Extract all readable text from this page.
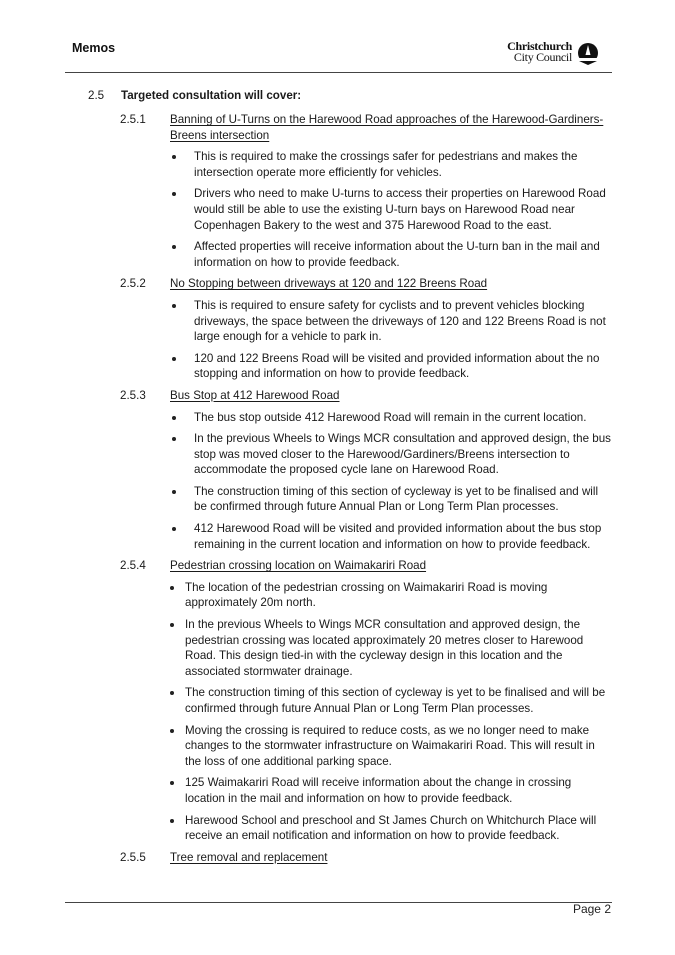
Memos	Christchurch
City Council
2.5 Targeted consultation will cover:
2.5.1 Banning of U-Turns on the Harewood Road approaches of the Harewood-Gardiners-Breens intersection
This is required to make the crossings safer for pedestrians and makes the intersection operate more efficiently for vehicles.
Drivers who need to make U-turns to access their properties on Harewood Road would still be able to use the existing U-turn bays on Harewood Road near Copenhagen Bakery to the west and 375 Harewood Road to the east.
Affected properties will receive information about the U-turn ban in the mail and information on how to provide feedback.
2.5.2 No Stopping between driveways at 120 and 122 Breens Road
This is required to ensure safety for cyclists and to prevent vehicles blocking driveways, the space between the driveways of 120 and 122 Breens Road is not large enough for a vehicle to park in.
120 and 122 Breens Road will be visited and provided information about the no stopping and information on how to provide feedback.
2.5.3 Bus Stop at 412 Harewood Road
The bus stop outside 412 Harewood Road will remain in the current location.
In the previous Wheels to Wings MCR consultation and approved design, the bus stop was moved closer to the Harewood/Gardiners/Breens intersection to accommodate the proposed cycle lane on Harewood Road.
The construction timing of this section of cycleway is yet to be finalised and will be confirmed through future Annual Plan or Long Term Plan processes.
412 Harewood Road will be visited and provided information about the bus stop remaining in the current location and information on how to provide feedback.
2.5.4 Pedestrian crossing location on Waimakariri Road
The location of the pedestrian crossing on Waimakariri Road is moving approximately 20m north.
In the previous Wheels to Wings MCR consultation and approved design, the pedestrian crossing was located approximately 20 metres closer to Harewood Road. This design tied-in with the cycleway design in this location and the associated stormwater drainage.
The construction timing of this section of cycleway is yet to be finalised and will be confirmed through future Annual Plan or Long Term Plan processes.
Moving the crossing is required to reduce costs, as we no longer need to make changes to the stormwater infrastructure on Waimakariri Road. This will result in the loss of one additional parking space.
125 Waimakariri Road will receive information about the change in crossing location in the mail and information on how to provide feedback.
Harewood School and preschool and St James Church on Whitchurch Place will receive an email notification and information on how to provide feedback.
2.5.5 Tree removal and replacement
Page 2
